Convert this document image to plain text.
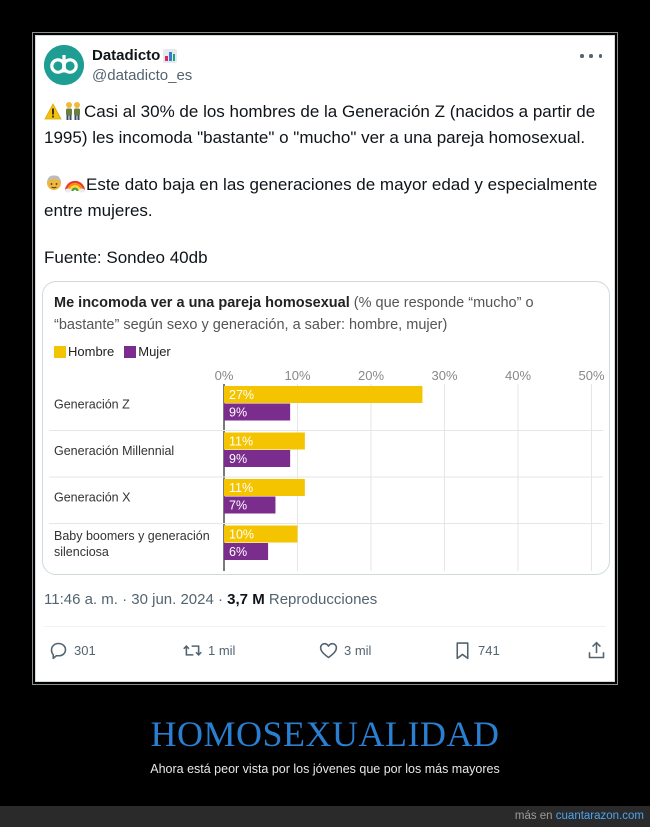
Datadicto
@datadicto_es
Casi al 30% de los hombres de la Generación Z (nacidos a partir de 1995) les incomoda "bastante" o "mucho" ver a una pareja homosexual.
Este dato baja en las generaciones de mayor edad y especialmente entre mujeres.
Fuente: Sondeo 40db
Me incomoda ver a una pareja homosexual (% que responde “mucho” o “bastante” según sexo y generación, a saber: hombre, mujer)
Hombre Mujer
0%	10%	20%	30%	40%	50%
Generación Z
27%
9%
Generación Millennial
11%
9%
Generación X
11%
7%
Baby boomers y generación
silenciosa
10%
6%
11:46 a. m. · 30 jun. 2024 · 3,7 M Reproducciones
301	1 mil	3 mil	741
HOMOSEXUALIDAD
Ahora está peor vista por los jóvenes que por los más mayores
más en cuantarazon.com
